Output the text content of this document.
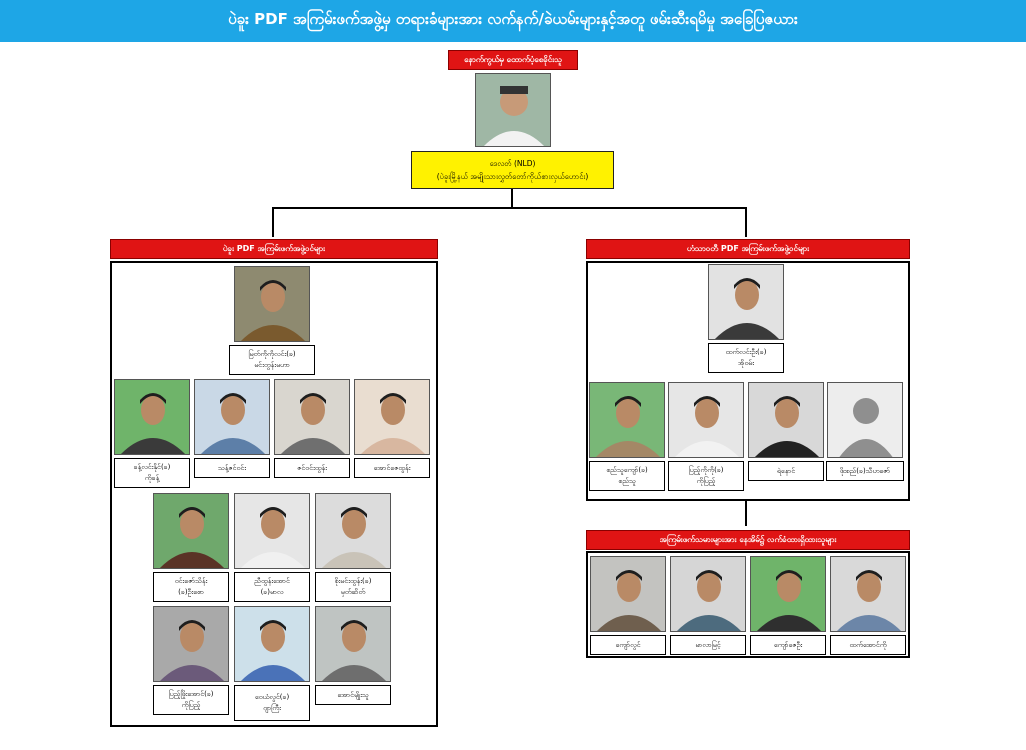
ပဲခူး PDF အကြမ်းဖက်အဖွဲ့မှ တရားခံများအား လက်နက်/ခဲယမ်းများနှင့်အတူ ဖမ်းဆီးရမိမှု အခြေပြဇယား
နောက်ကွယ်မှ ထောက်ပံ့စေခိုင်းသူ
ဒေလတ် (NLD)
(ပဲခူးမြို့နယ် အမျိုးသားလွှတ်တော်ကိုယ်စားလှယ်ဟောင်း)
ပဲခူး PDF အကြမ်းဖက်အဖွဲ့ဝင်များ	ဟံသာဝတီ PDF အကြမ်းဖက်အဖွဲ့ဝင်များ
အကြမ်းဖက်သမားများအား နေအိမ်၌ လက်ခံထားရှိထားသူများ
မြတ်ကိုကိုလင်း(ခ)
မင်းတွန်းမဟာ
ခန့်လင်းနိုင်(ခ)
ကိုခန့်
သန့်ဇင်ဝင်း	ဇင်ဝင်းထွန်း	အောင်ဇေထွန်း
ဝင်းဇော်သိန်း
(ခ)ဦးစော
ညီထွန်းအောင်
(ခ)မာလ
စိုးမင်းထွန်း(ခ)
မှတ်ဆိတ်
ပြည့်ဖြိုးအောင်(ခ)
ကိုပြည့်
ဝေယံလွင်(ခ)
ဂျာကြီး
အောင်မျိုးသူ
ထက်လင်းဦး(ခ)
အိုဝမ်း
စည်သူကျော်(ခ)
စည်သူ
ပြည့်ကိုကို(ခ)
ကိုပြည့်
ရဲနောင်	ဖိုးစည်(ခ)သီဟဇော်
ကျော်လွင်	မာလာမြင့်	ကျော်ဇေဦး	ထက်အောင်ကို
